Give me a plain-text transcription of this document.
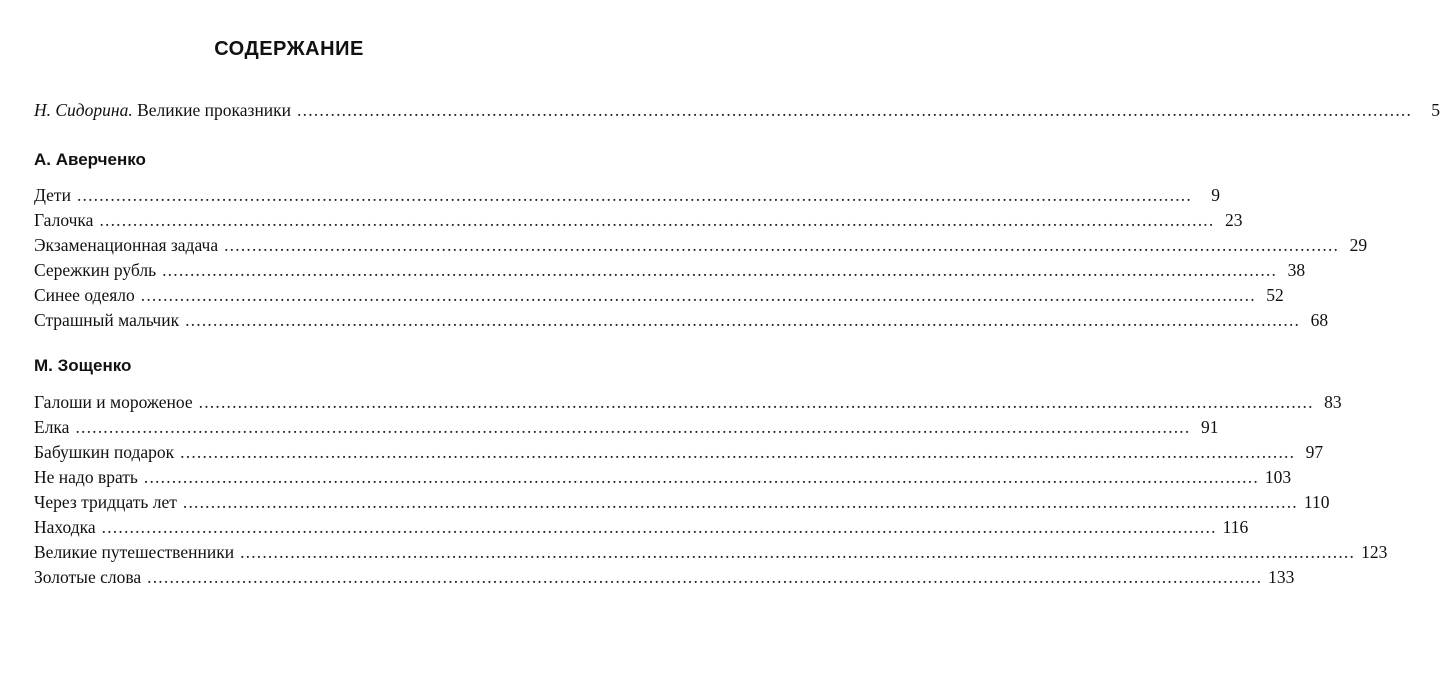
СОДЕРЖАНИЕ
Н. Сидорина. Великие проказники ........................................................................................................................................................................................................	5
А. Аверченко
Дети ........................................................................................................................................................................................................	9
Галочка ........................................................................................................................................................................................................ 23
Экзаменационная задача ........................................................................................................................................................................................................ 29
Сережкин рубль ........................................................................................................................................................................................................ 38
Синее одеяло ........................................................................................................................................................................................................ 52
Страшный мальчик ........................................................................................................................................................................................................ 68
М. Зощенко
Галоши и мороженое ........................................................................................................................................................................................................ 83
Елка ........................................................................................................................................................................................................ 91
Бабушкин подарок ........................................................................................................................................................................................................ 97
Не надо врать ........................................................................................................................................................................................................ 103
Через тридцать лет ........................................................................................................................................................................................................ 110
Находка ........................................................................................................................................................................................................ 116
Великие путешественники ........................................................................................................................................................................................................ 123
Золотые слова ........................................................................................................................................................................................................ 133
